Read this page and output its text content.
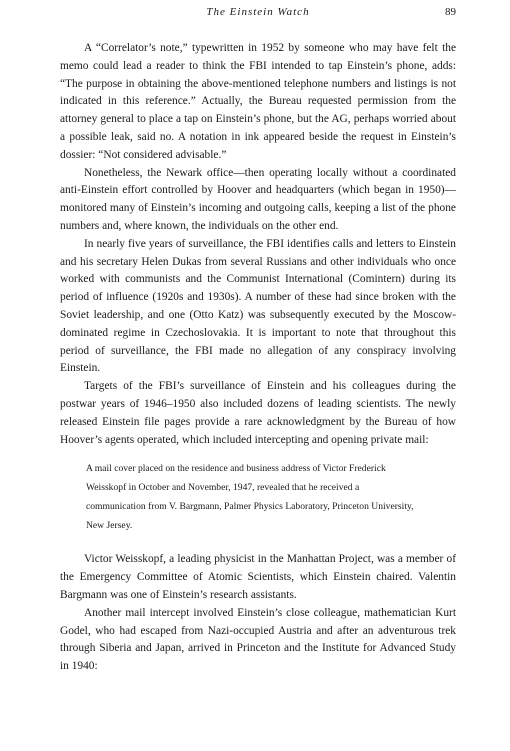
The Einstein Watch	89

A “Correlator’s note,” typewritten in 1952 by someone who may have felt the memo could lead a reader to think the FBI intended to tap Einstein’s phone, adds: “The purpose in obtaining the above-mentioned telephone numbers and listings is not indicated in this reference.” Actually, the Bureau requested permission from the attorney general to place a tap on Einstein’s phone, but the AG, perhaps worried about a possible leak, said no. A notation in ink appeared beside the request in Einstein’s dossier: “Not considered advisable.”

Nonetheless, the Newark office—then operating locally without a coordinated anti-Einstein effort controlled by Hoover and headquarters (which began in 1950)—monitored many of Einstein’s incoming and outgoing calls, keeping a list of the phone numbers and, where known, the individuals on the other end.

In nearly five years of surveillance, the FBI identifies calls and letters to Einstein and his secretary Helen Dukas from several Russians and other individuals who once worked with communists and the Communist International (Comintern) during its period of influence (1920s and 1930s). A number of these had since broken with the Soviet leadership, and one (Otto Katz) was subsequently executed by the Moscow-dominated regime in Czechoslovakia. It is important to note that throughout this period of surveillance, the FBI made no allegation of any conspiracy involving Einstein.

Targets of the FBI’s surveillance of Einstein and his colleagues during the postwar years of 1946–1950 also included dozens of leading scientists. The newly released Einstein file pages provide a rare acknowledgment by the Bureau of how Hoover’s agents operated, which included intercepting and opening private mail:

A mail cover placed on the residence and business address of Victor Frederick Weisskopf in October and November, 1947, revealed that he received a communication from V. Bargmann, Palmer Physics Laboratory, Princeton University, New Jersey.

Victor Weisskopf, a leading physicist in the Manhattan Project, was a member of the Emergency Committee of Atomic Scientists, which Einstein chaired. Valentin Bargmann was one of Einstein’s research assistants.

Another mail intercept involved Einstein’s close colleague, mathematician Kurt Godel, who had escaped from Nazi-occupied Austria and after an adventurous trek through Siberia and Japan, arrived in Princeton and the Institute for Advanced Study in 1940:
